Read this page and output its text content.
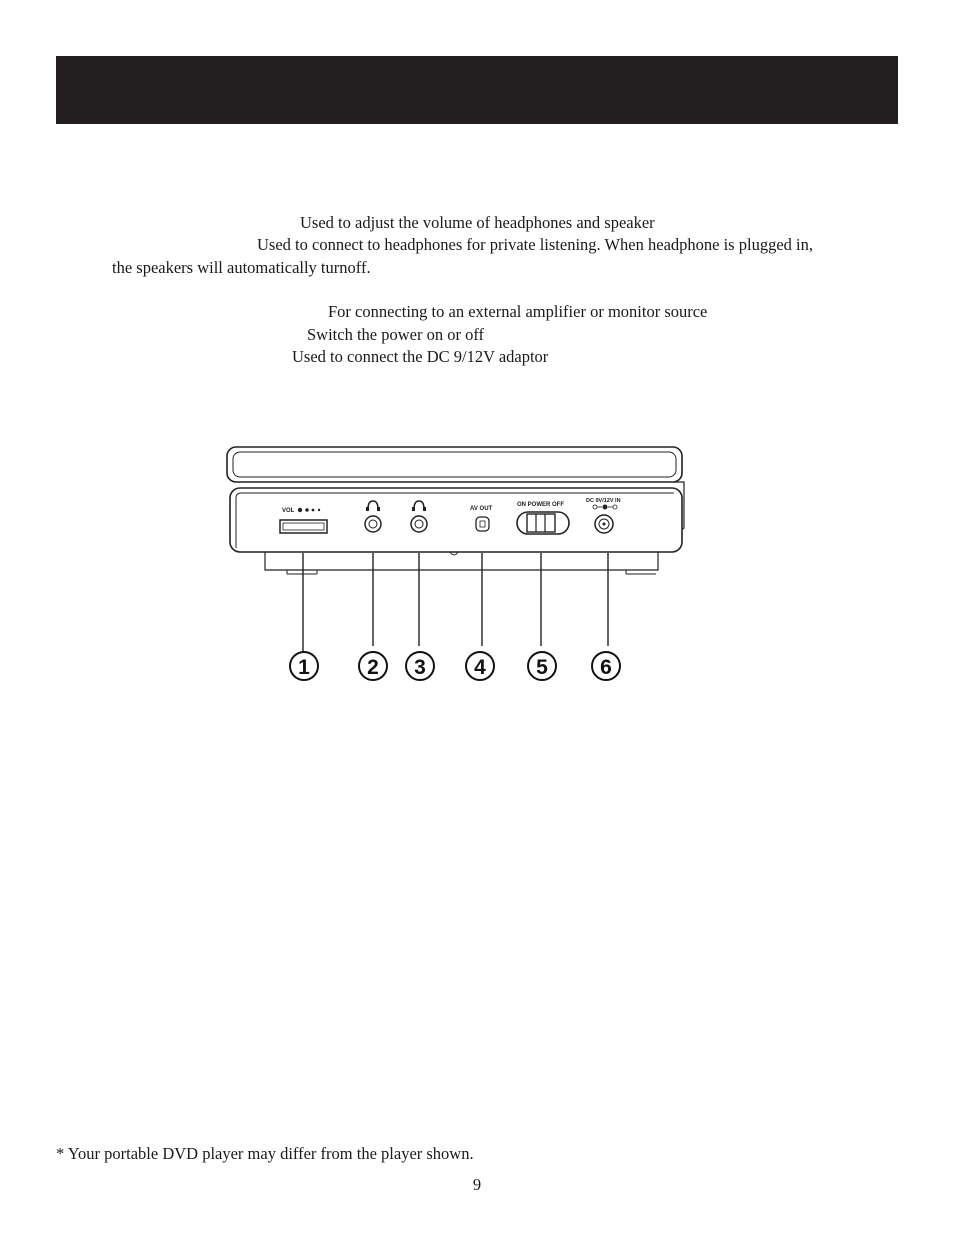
Used to adjust the volume of headphones and speaker
Used to connect to headphones for private listening. When headphone is plugged in,
the speakers will automatically turnoff.
For connecting to an external amplifier or monitor source
Switch the power on or off
Used to connect the DC 9/12V adaptor
VOL	AV OUT
ON POWER OFF
DC 9V/12V IN
1	2 3 4 5 6
* Your portable DVD player may differ from the player shown.
9
